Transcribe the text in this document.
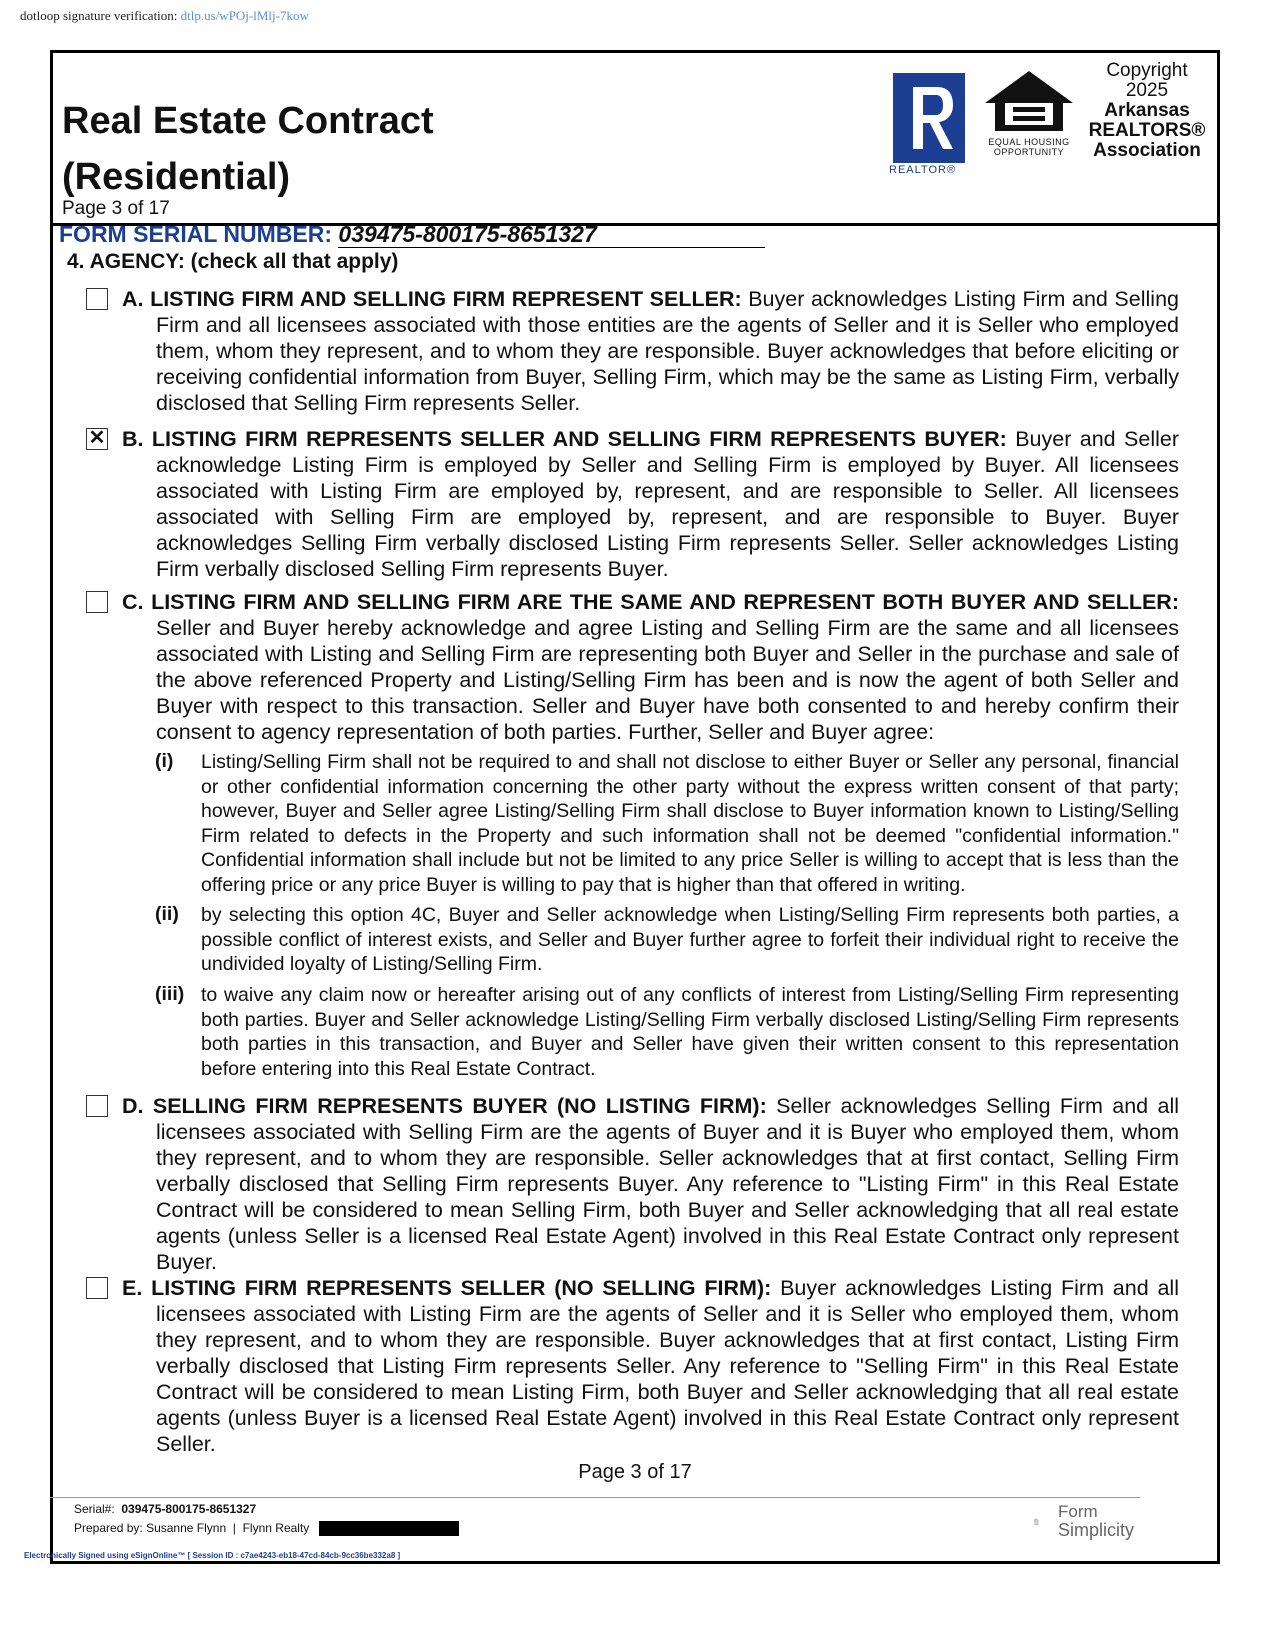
dotloop signature verification: dtlp.us/wPOj-lMlj-7kow
Real Estate Contract
(Residential)
Page 3 of 17
REALTOR®
EQUAL HOUSING
OPPORTUNITY
Copyright
2025
Arkansas
REALTORS®
Association
FORM SERIAL NUMBER: 039475-800175-8651327
4. AGENCY: (check all that apply)

A. LISTING FIRM AND SELLING FIRM REPRESENT SELLER: Buyer acknowledges Listing Firm and Selling Firm and all licensees associated with those entities are the agents of Seller and it is Seller who employed them, whom they represent, and to whom they are responsible. Buyer acknowledges that before eliciting or receiving confidential information from Buyer, Selling Firm, which may be the same as Listing Firm, verbally disclosed that Selling Firm represents Seller.

✕ B. LISTING FIRM REPRESENTS SELLER AND SELLING FIRM REPRESENTS BUYER: Buyer and Seller acknowledge Listing Firm is employed by Seller and Selling Firm is employed by Buyer. All licensees associated with Listing Firm are employed by, represent, and are responsible to Seller. All licensees associated with Selling Firm are employed by, represent, and are responsible to Buyer. Buyer acknowledges Selling Firm verbally disclosed Listing Firm represents Seller. Seller acknowledges Listing Firm verbally disclosed Selling Firm represents Buyer.

C. LISTING FIRM AND SELLING FIRM ARE THE SAME AND REPRESENT BOTH BUYER AND SELLER: Seller and Buyer hereby acknowledge and agree Listing and Selling Firm are the same and all licensees associated with Listing and Selling Firm are representing both Buyer and Seller in the purchase and sale of the above referenced Property and Listing/Selling Firm has been and is now the agent of both Seller and Buyer with respect to this transaction. Seller and Buyer have both consented to and hereby confirm their consent to agency representation of both parties. Further, Seller and Buyer agree:

(i) Listing/Selling Firm shall not be required to and shall not disclose to either Buyer or Seller any personal, financial or other confidential information concerning the other party without the express written consent of that party; however, Buyer and Seller agree Listing/Selling Firm shall disclose to Buyer information known to Listing/Selling Firm related to defects in the Property and such information shall not be deemed "confidential information." Confidential information shall include but not be limited to any price Seller is willing to accept that is less than the offering price or any price Buyer is willing to pay that is higher than that offered in writing.

(ii) by selecting this option 4C, Buyer and Seller acknowledge when Listing/Selling Firm represents both parties, a possible conflict of interest exists, and Seller and Buyer further agree to forfeit their individual right to receive the undivided loyalty of Listing/Selling Firm.

(iii) to waive any claim now or hereafter arising out of any conflicts of interest from Listing/Selling Firm representing both parties. Buyer and Seller acknowledge Listing/Selling Firm verbally disclosed Listing/Selling Firm represents both parties in this transaction, and Buyer and Seller have given their written consent to this representation before entering into this Real Estate Contract.

D. SELLING FIRM REPRESENTS BUYER (NO LISTING FIRM): Seller acknowledges Selling Firm and all licensees associated with Selling Firm are the agents of Buyer and it is Buyer who employed them, whom they represent, and to whom they are responsible. Seller acknowledges that at first contact, Selling Firm verbally disclosed that Selling Firm represents Buyer. Any reference to "Listing Firm" in this Real Estate Contract will be considered to mean Selling Firm, both Buyer and Seller acknowledging that all real estate agents (unless Seller is a licensed Real Estate Agent) involved in this Real Estate Contract only represent Buyer.

E. LISTING FIRM REPRESENTS SELLER (NO SELLING FIRM): Buyer acknowledges Listing Firm and all licensees associated with Listing Firm are the agents of Seller and it is Seller who employed them, whom they represent, and to whom they are responsible. Buyer acknowledges that at first contact, Listing Firm verbally disclosed that Listing Firm represents Seller. Any reference to "Selling Firm" in this Real Estate Contract will be considered to mean Listing Firm, both Buyer and Seller acknowledging that all real estate agents (unless Buyer is a licensed Real Estate Agent) involved in this Real Estate Contract only represent Seller.

Page 3 of 17
Serial#: 039475-800175-8651327
Prepared by: Susanne Flynn | Flynn Realty
Form
Simplicity
Electronically Signed using eSignOnline™ [ Session ID : c7ae4243-eb18-47cd-84cb-9cc36be332a8 ]
